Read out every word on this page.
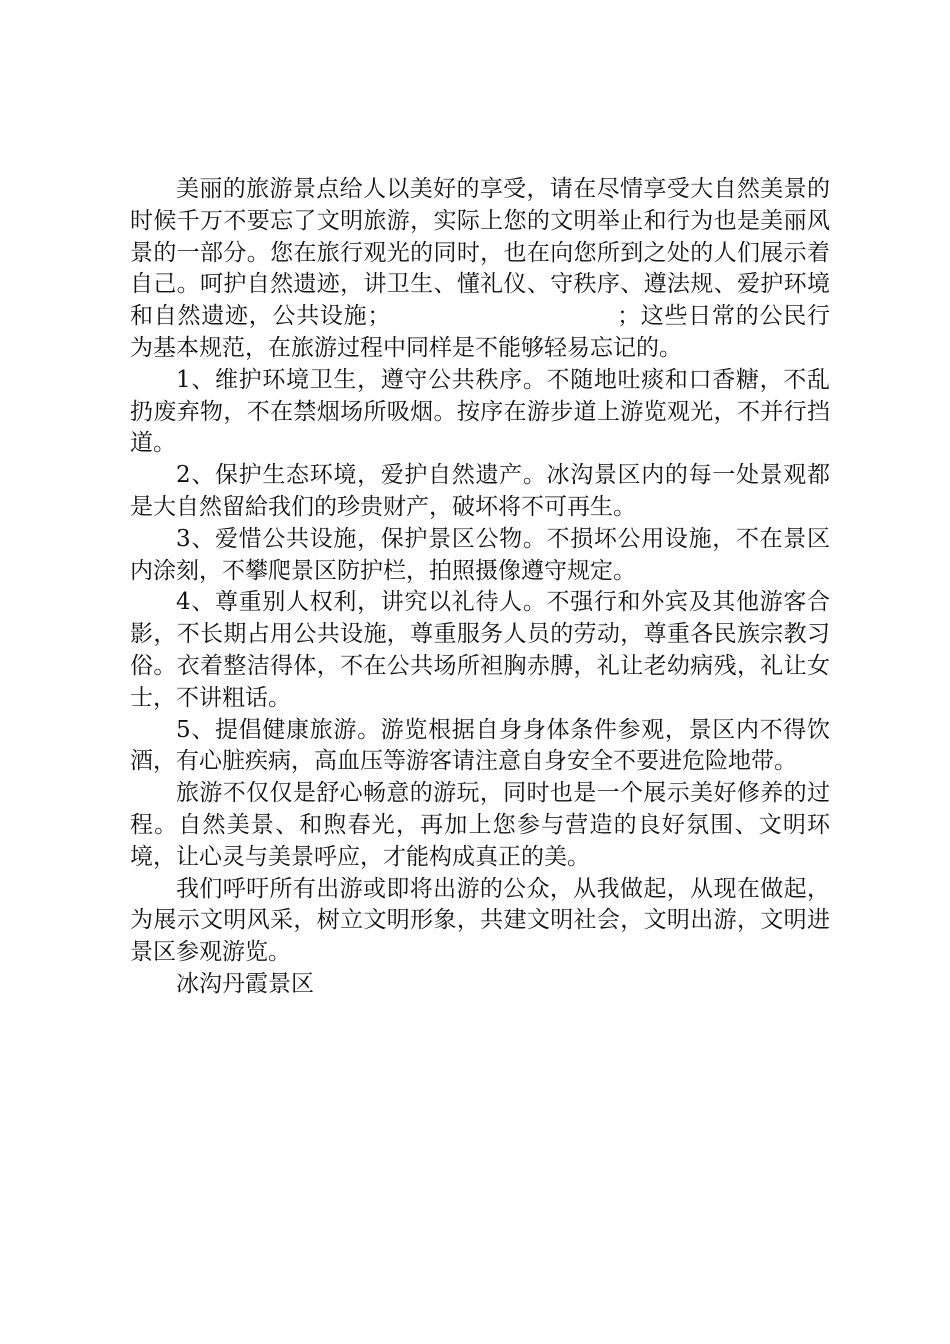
美丽的旅游景点给人以美好的享受，请在尽情享受大自然美景的时候千万不要忘了文明旅游，实际上您的文明举止和行为也是美丽风景的一部分。您在旅行观光的同时，也在向您所到之处的人们展示着自己。呵护自然遗迹，讲卫生、懂礼仪、守秩序、遵法规、爱护环境和自然遗迹，公共设施；　　　　　　　　　　；这些日常的公民行为基本规范，在旅游过程中同样是不能够轻易忘记的。

1、维护环境卫生，遵守公共秩序。不随地吐痰和口香糖，不乱扔废弃物，不在禁烟场所吸烟。按序在游步道上游览观光，不并行挡道。

2、保护生态环境，爱护自然遗产。冰沟景区内的每一处景观都是大自然留給我们的珍贵财产，破坏将不可再生。

3、爱惜公共设施，保护景区公物。不损坏公用设施，不在景区内涂刻，不攀爬景区防护栏，拍照摄像遵守规定。

4、尊重别人权利，讲究以礼待人。不强行和外宾及其他游客合影，不长期占用公共设施，尊重服务人员的劳动，尊重各民族宗教习俗。衣着整洁得体，不在公共场所袒胸赤膊，礼让老幼病残，礼让女士，不讲粗话。

5、提倡健康旅游。游览根据自身身体条件参观，景区内不得饮酒，有心脏疾病，高血压等游客请注意自身安全不要进危险地带。

旅游不仅仅是舒心畅意的游玩，同时也是一个展示美好修养的过程。自然美景、和煦春光，再加上您参与营造的良好氛围、文明环境，让心灵与美景呼应，才能构成真正的美。

我们呼吁所有出游或即将出游的公众，从我做起，从现在做起，为展示文明风采，树立文明形象，共建文明社会，文明出游，文明进景区参观游览。

冰沟丹霞景区
